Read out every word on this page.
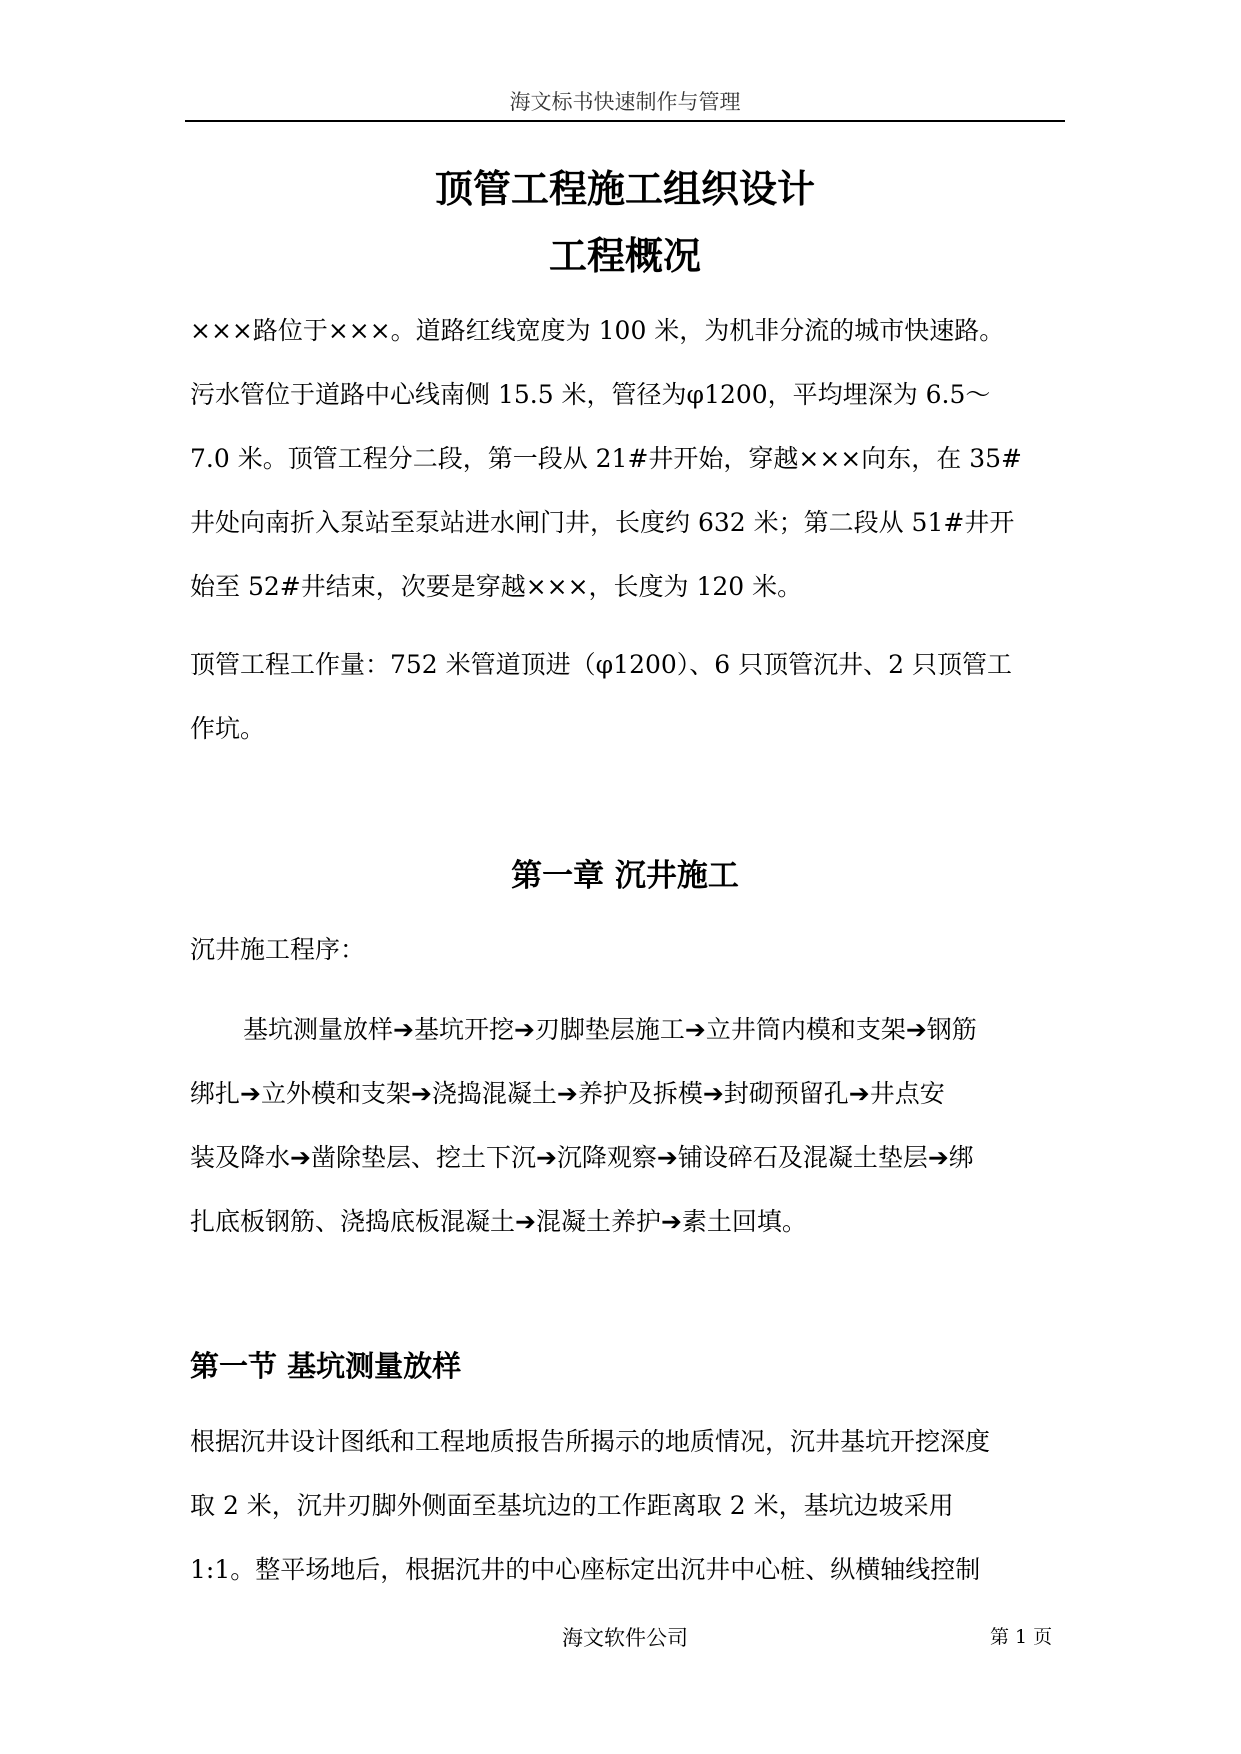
海文标书快速制作与管理
顶管工程施工组织设计
工程概况
×××路位于×××。道路红线宽度为 100 米，为机非分流的城市快速路。
污水管位于道路中心线南侧 15.5 米，管径为φ1200，平均埋深为 6.5～
7.0 米。顶管工程分二段，第一段从 21#井开始，穿越×××向东，在 35#
井处向南折入泵站至泵站进水闸门井，长度约 632 米；第二段从 51#井开
始至 52#井结束，次要是穿越×××，长度为 120 米。
顶管工程工作量：752 米管道顶进（φ1200）、6 只顶管沉井、2 只顶管工
作坑。
第一章 沉井施工
沉井施工程序：
基坑测量放样➔基坑开挖➔刃脚垫层施工➔立井筒内模和支架➔钢筋
绑扎➔立外模和支架➔浇捣混凝土➔养护及拆模➔封砌预留孔➔井点安
装及降水➔凿除垫层、挖土下沉➔沉降观察➔铺设碎石及混凝土垫层➔绑
扎底板钢筋、浇捣底板混凝土➔混凝土养护➔素土回填。
第一节 基坑测量放样
根据沉井设计图纸和工程地质报告所揭示的地质情况，沉井基坑开挖深度
取 2 米，沉井刃脚外侧面至基坑边的工作距离取 2 米，基坑边坡采用
1:1。整平场地后，根据沉井的中心座标定出沉井中心桩、纵横轴线控制
海文软件公司	第 1 页
